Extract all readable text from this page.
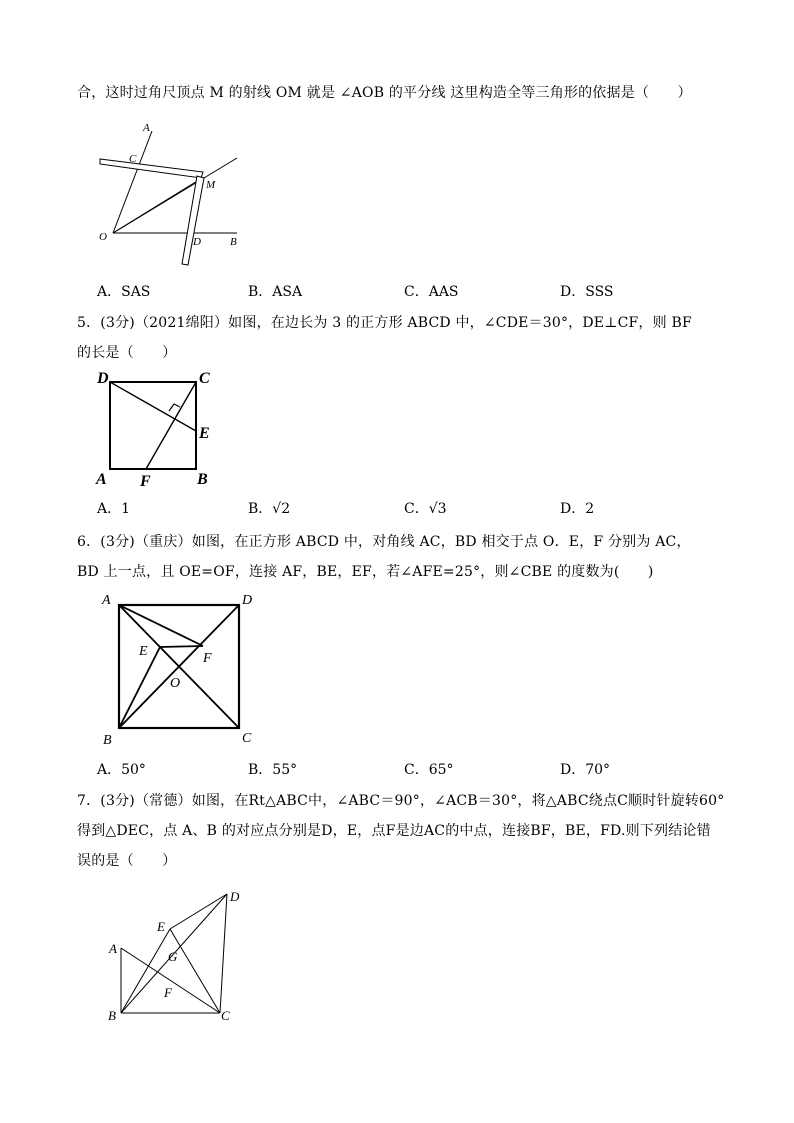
合，这时过角尺顶点 M 的射线 OM 就是 ∠AOB 的平分线 这里构造全等三角形的依据是（　　）
A
C
M
O	D	B
A．SAS	B．ASA	C．AAS	D．SSS
5．(3分)（2021绵阳）如图，在边长为 3 的正方形 ABCD 中，∠CDE＝30°，DE⊥CF，则 BF
的长是（　　）
D	C
E
A F	B
A．1	B．√2	C．√3	D．2
6．(3分)（重庆）如图，在正方形 ABCD 中，对角线 AC，BD 相交于点 O．E，F 分别为 AC，
BD 上一点，且 OE=OF，连接 AF，BE，EF，若∠AFE=25°，则∠CBE 的度数为(　　)
A	D
E	F
O
B	C
A．50°	B．55°	C．65°	D．70°
7．(3分)（常德）如图，在Rt△ABC中，∠ABC＝90°，∠ACB＝30°，将△ABC绕点C顺时针旋转60°
得到△DEC，点 A、B 的对应点分别是D，E，点F是边AC的中点，连接BF，BE，FD.则下列结论错
误的是（　　）
D
E
A
G
F
B	C
